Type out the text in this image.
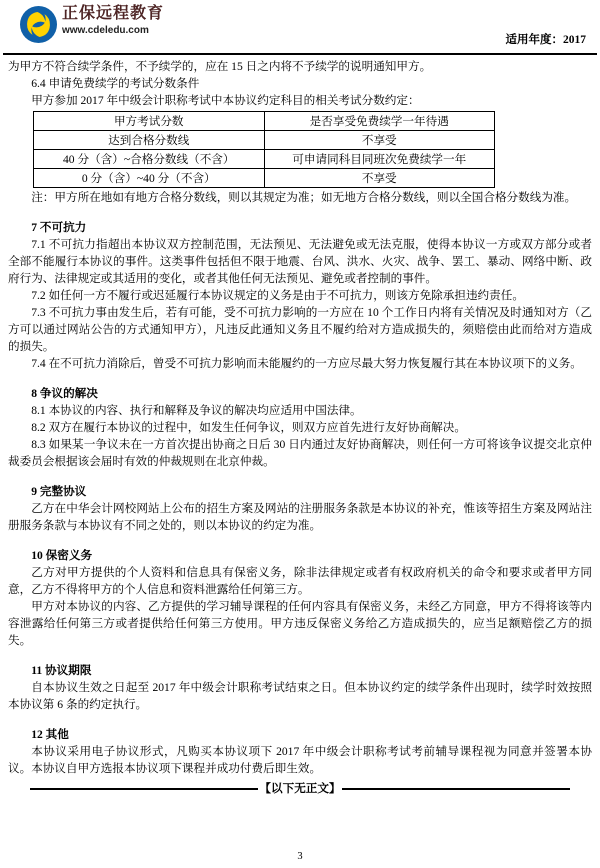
正保远程教育
www.cdeledu.com
适用年度：2017

为甲方不符合续学条件，不予续学的，应在 15 日之内将不予续学的说明通知甲方。

6.4 申请免费续学的考试分数条件

甲方参加 2017 年中级会计职称考试中本协议约定科目的相关考试分数约定：

甲方考试分数	是否享受免费续学一年待遇
达到合格分数线	不享受
40 分（含）~合格分数线（不含）	可申请同科目同班次免费续学一年
0 分（含）~40 分（不含）	不享受

注：甲方所在地如有地方合格分数线，则以其规定为准；如无地方合格分数线，则以全国合格分数线为准。

7 不可抗力

7.1 不可抗力指超出本协议双方控制范围，无法预见、无法避免或无法克服，使得本协议一方或双方部分或者全部不能履行本协议的事件。这类事件包括但不限于地震、台风、洪水、火灾、战争、罢工、暴动、网络中断、政府行为、法律规定或其适用的变化，或者其他任何无法预见、避免或者控制的事件。

7.2 如任何一方不履行或迟延履行本协议规定的义务是由于不可抗力，则该方免除承担违约责任。

7.3 不可抗力事由发生后，若有可能，受不可抗力影响的一方应在 10 个工作日内将有关情况及时通知对方（乙方可以通过网站公告的方式通知甲方），凡违反此通知义务且不履约给对方造成损失的，须赔偿由此而给对方造成的损失。

7.4 在不可抗力消除后，曾受不可抗力影响而未能履约的一方应尽最大努力恢复履行其在本协议项下的义务。

8 争议的解决

8.1 本协议的内容、执行和解释及争议的解决均应适用中国法律。

8.2 双方在履行本协议的过程中，如发生任何争议，则双方应首先进行友好协商解决。

8.3 如果某一争议未在一方首次提出协商之日后 30 日内通过友好协商解决，则任何一方可将该争议提交北京仲裁委员会根据该会届时有效的仲裁规则在北京仲裁。

9 完整协议

乙方在中华会计网校网站上公布的招生方案及网站的注册服务条款是本协议的补充，惟该等招生方案及网站注册服务条款与本协议有不同之处的，则以本协议的约定为准。

10 保密义务

乙方对甲方提供的个人资料和信息具有保密义务，除非法律规定或者有权政府机关的命令和要求或者甲方同意，乙方不得将甲方的个人信息和资料泄露给任何第三方。

甲方对本协议的内容、乙方提供的学习辅导课程的任何内容具有保密义务，未经乙方同意，甲方不得将该等内容泄露给任何第三方或者提供给任何第三方使用。甲方违反保密义务给乙方造成损失的，应当足额赔偿乙方的损失。

11 协议期限

自本协议生效之日起至 2017 年中级会计职称考试结束之日。但本协议约定的续学条件出现时，续学时效按照本协议第 6 条的约定执行。

12 其他

本协议采用电子协议形式，凡购买本协议项下 2017 年中级会计职称考试考前辅导课程视为同意并签署本协议。本协议自甲方选报本协议项下课程并成功付费后即生效。

【以下无正文】
3
